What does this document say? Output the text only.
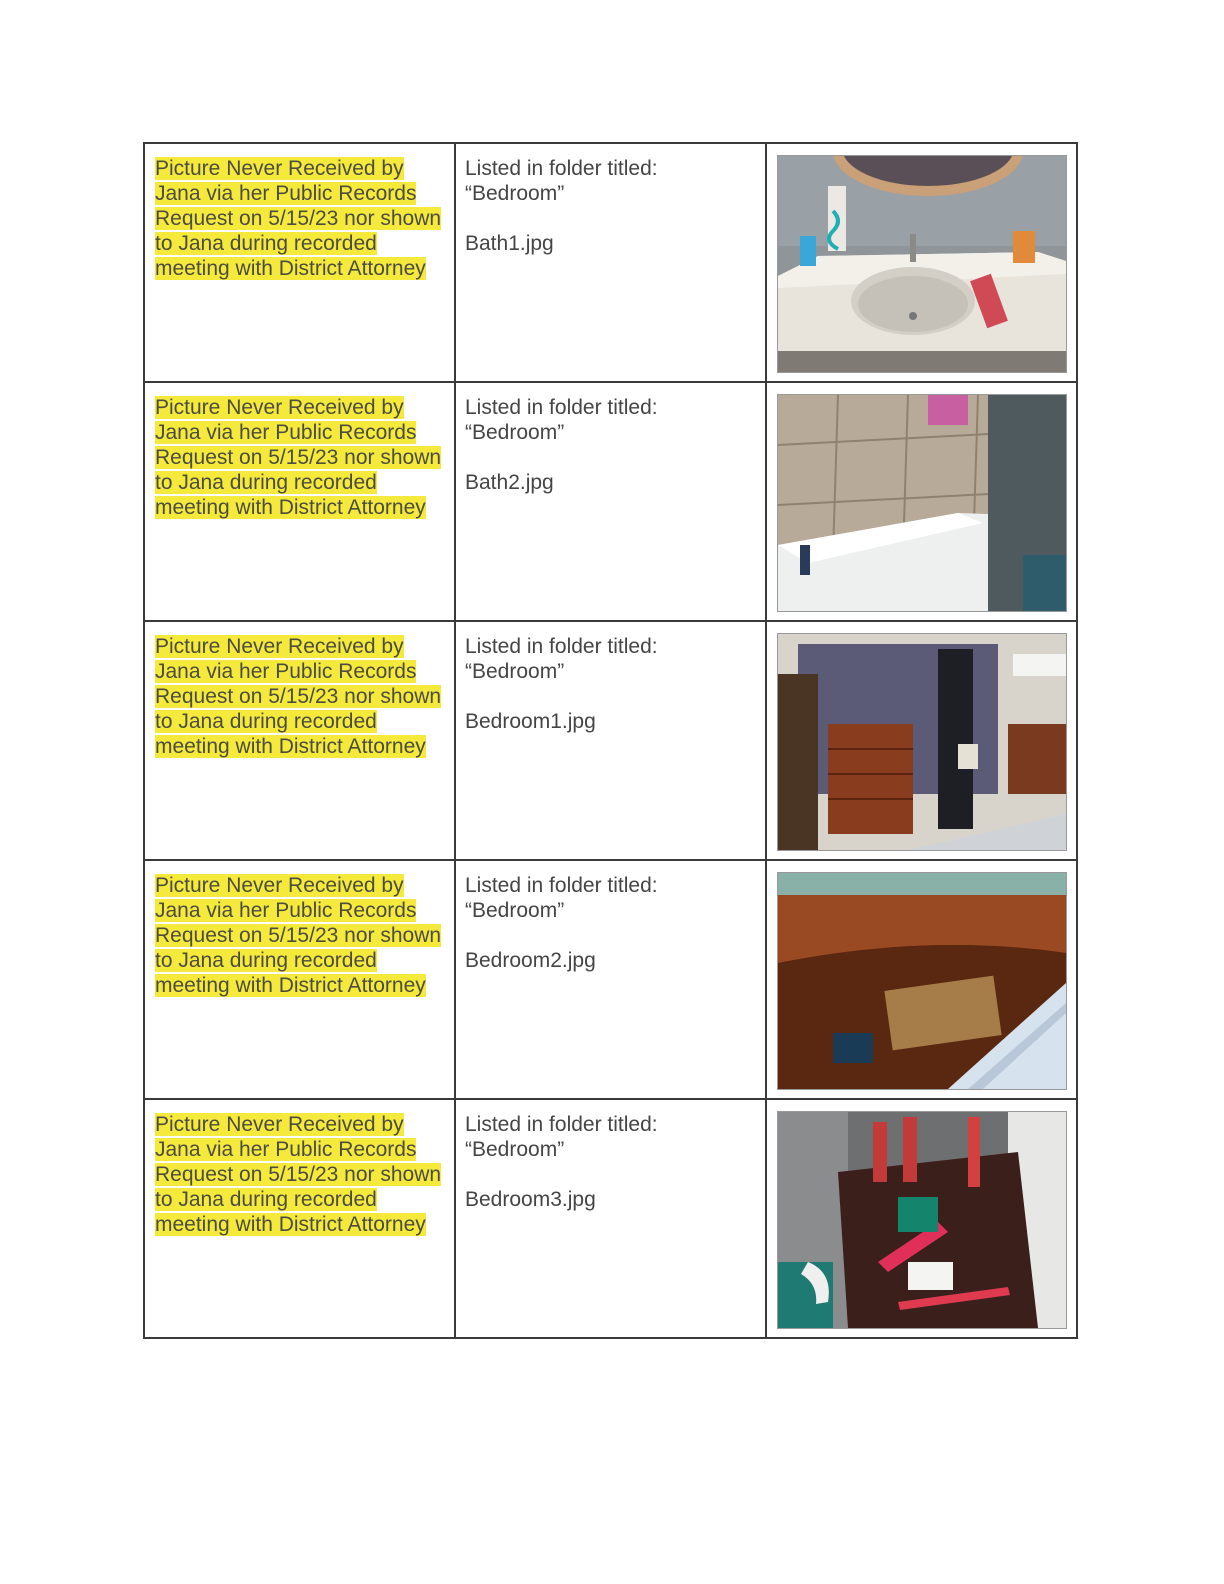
Picture Never Received by Jana via her Public Records Request on 5/15/23 nor shown to Jana during recorded meeting with District Attorney	Listed in folder titled:
“Bedroom”
Bath1.jpg

Picture Never Received by Jana via her Public Records Request on 5/15/23 nor shown to Jana during recorded meeting with District Attorney	Listed in folder titled:
“Bedroom”
Bath2.jpg

Picture Never Received by Jana via her Public Records Request on 5/15/23 nor shown to Jana during recorded meeting with District Attorney	Listed in folder titled:
“Bedroom”
Bedroom1.jpg

Picture Never Received by Jana via her Public Records Request on 5/15/23 nor shown to Jana during recorded meeting with District Attorney	Listed in folder titled:
“Bedroom”
Bedroom2.jpg

Picture Never Received by Jana via her Public Records Request on 5/15/23 nor shown to Jana during recorded meeting with District Attorney	Listed in folder titled:
“Bedroom”
Bedroom3.jpg
